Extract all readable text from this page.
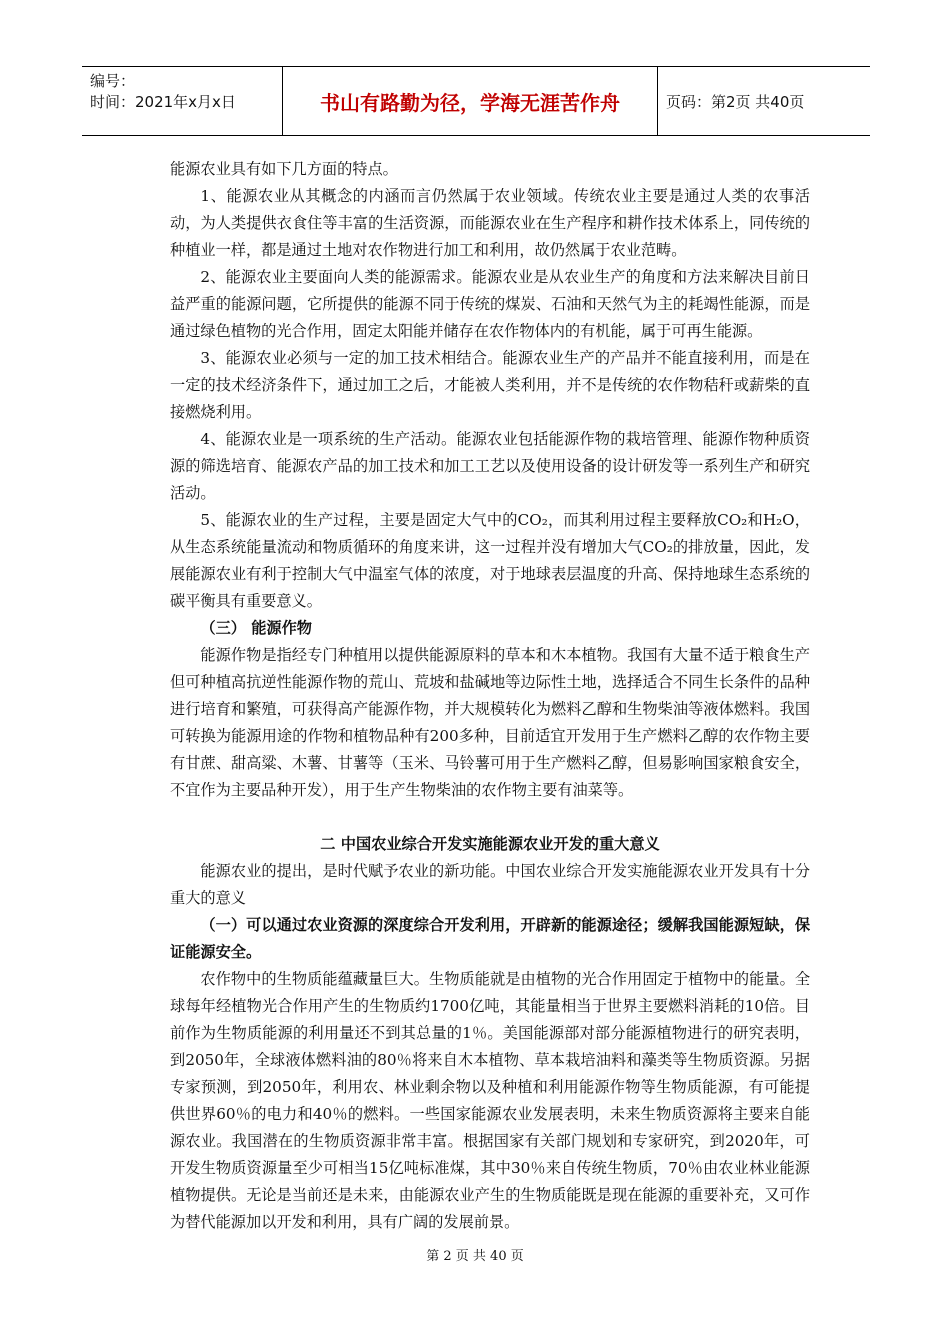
编号：
时间：2021年x月x日	书山有路勤为径，学海无涯苦作舟	页码：第2页 共40页

能源农业具有如下几方面的特点。

1、能源农业从其概念的内涵而言仍然属于农业领域。传统农业主要是通过人类的农事活动，为人类提供衣食住等丰富的生活资源，而能源农业在生产程序和耕作技术体系上，同传统的种植业一样，都是通过土地对农作物进行加工和利用，故仍然属于农业范畴。

2、能源农业主要面向人类的能源需求。能源农业是从农业生产的角度和方法来解决目前日益严重的能源问题，它所提供的能源不同于传统的煤炭、石油和天然气为主的耗竭性能源，而是通过绿色植物的光合作用，固定太阳能并储存在农作物体内的有机能，属于可再生能源。

3、能源农业必须与一定的加工技术相结合。能源农业生产的产品并不能直接利用，而是在一定的技术经济条件下，通过加工之后，才能被人类利用，并不是传统的农作物秸秆或薪柴的直接燃烧利用。

4、能源农业是一项系统的生产活动。能源农业包括能源作物的栽培管理、能源作物种质资源的筛选培育、能源农产品的加工技术和加工工艺以及使用设备的设计研发等一系列生产和研究活动。

5、能源农业的生产过程，主要是固定大气中的CO₂，而其利用过程主要释放CO₂和H₂O，从生态系统能量流动和物质循环的角度来讲，这一过程并没有增加大气CO₂的排放量，因此，发展能源农业有利于控制大气中温室气体的浓度，对于地球表层温度的升高、保持地球生态系统的碳平衡具有重要意义。

（三） 能源作物

能源作物是指经专门种植用以提供能源原料的草本和木本植物。我国有大量不适于粮食生产但可种植高抗逆性能源作物的荒山、荒坡和盐碱地等边际性土地，选择适合不同生长条件的品种进行培育和繁殖，可获得高产能源作物，并大规模转化为燃料乙醇和生物柴油等液体燃料。我国可转换为能源用途的作物和植物品种有200多种，目前适宜开发用于生产燃料乙醇的农作物主要有甘蔗、甜高粱、木薯、甘薯等（玉米、马铃薯可用于生产燃料乙醇，但易影响国家粮食安全，不宜作为主要品种开发），用于生产生物柴油的农作物主要有油菜等。

二 中国农业综合开发实施能源农业开发的重大意义

能源农业的提出，是时代赋予农业的新功能。中国农业综合开发实施能源农业开发具有十分重大的意义

（一）可以通过农业资源的深度综合开发利用，开辟新的能源途径；缓解我国能源短缺，保证能源安全。

农作物中的生物质能蕴藏量巨大。生物质能就是由植物的光合作用固定于植物中的能量。全球每年经植物光合作用产生的生物质约1700亿吨，其能量相当于世界主要燃料消耗的10倍。目前作为生物质能源的利用量还不到其总量的1％。美国能源部对部分能源植物进行的研究表明，到2050年，全球液体燃料油的80％将来自木本植物、草本栽培油料和藻类等生物质资源。另据专家预测，到2050年，利用农、林业剩余物以及种植和利用能源作物等生物质能源，有可能提供世界60％的电力和40％的燃料。一些国家能源农业发展表明，未来生物质资源将主要来自能源农业。我国潜在的生物质资源非常丰富。根据国家有关部门规划和专家研究，到2020年，可开发生物质资源量至少可相当15亿吨标准煤，其中30％来自传统生物质，70％由农业林业能源植物提供。无论是当前还是未来，由能源农业产生的生物质能既是现在能源的重要补充，又可作为替代能源加以开发和利用，具有广阔的发展前景。

第 2 页 共 40 页
